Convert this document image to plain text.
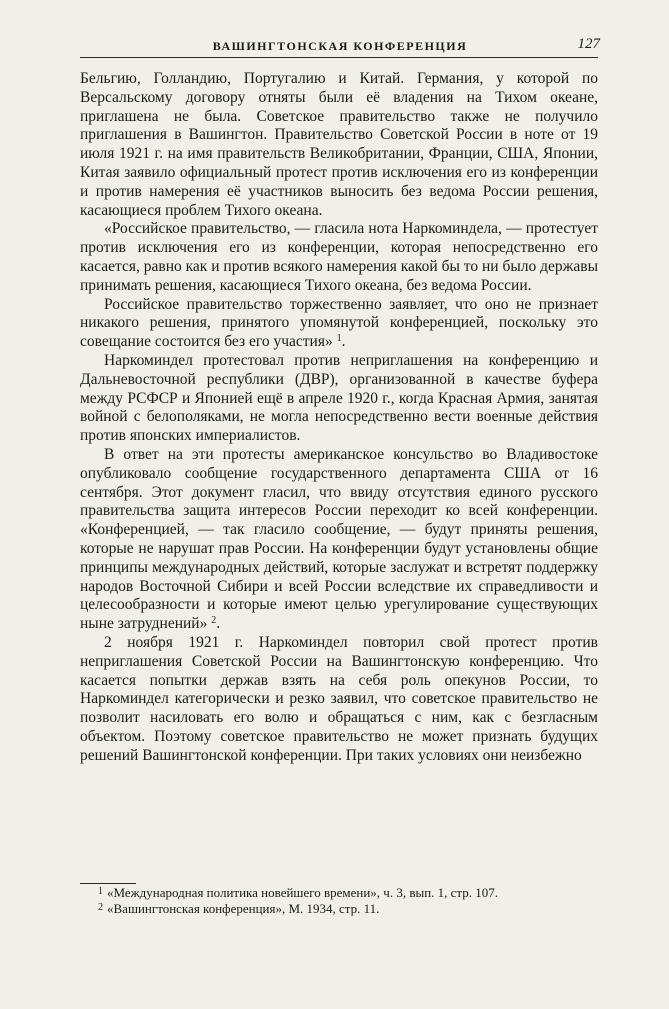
ВАШИНГТОНСКАЯ КОНФЕРЕНЦИЯ	127

Бельгию, Голландию, Португалию и Китай. Германия, у которой по Версальскому договору отняты были её владения на Тихом океане, приглашена не была. Советское правительство также не получило приглашения в Вашингтон. Правительство Советской России в ноте от 19 июля 1921 г. на имя правительств Великобритании, Франции, США, Японии, Китая заявило официальный протест против исключения его из конференции и против намерения её участников выносить без ведома России решения, касающиеся проблем Тихого океана.

«Российское правительство, — гласила нота Наркоминдела, — протестует против исключения его из конференции, которая непосредственно его касается, равно как и против всякого намерения какой бы то ни было державы принимать решения, касающиеся Тихого океана, без ведома России.

Российское правительство торжественно заявляет, что оно не признает никакого решения, принятого упомянутой конференцией, поскольку это совещание состоится без его участия» $^1$.

Наркоминдел протестовал против неприглашения на конференцию и Дальневосточной республики (ДВР), организованной в качестве буфера между РСФСР и Японией ещё в апреле 1920 г., когда Красная Армия, занятая войной с белополяками, не могла непосредственно вести военные действия против японских империалистов.

В ответ на эти протесты американское консульство во Владивостоке опубликовало сообщение государственного департамента США от 16 сентября. Этот документ гласил, что ввиду отсутствия единого русского правительства защита интересов России переходит ко всей конференции. «Конференцией, — так гласило сообщение, — будут приняты решения, которые не нарушат прав России. На конференции будут установлены общие принципы международных действий, которые заслужат и встретят поддержку народов Восточной Сибири и всей России вследствие их справедливости и целесообразности и которые имеют целью урегулирование существующих ныне затруднений» $^2$.

2 ноября 1921 г. Наркоминдел повторил свой протест против неприглашения Советской России на Вашингтонскую конференцию. Что касается попытки держав взять на себя роль опекунов России, то Наркоминдел категорически и резко заявил, что советское правительство не позволит насиловать его волю и обращаться с ним, как с безгласным объектом. Поэтому советское правительство не может признать будущих решений Вашингтонской конференции. При таких условиях они неизбежно

$^1$ «Международная политика новейшего времени», ч. 3, вып. 1, стр. 107.
$^2$ «Вашингтонская конференция», М. 1934, стр. 11.
